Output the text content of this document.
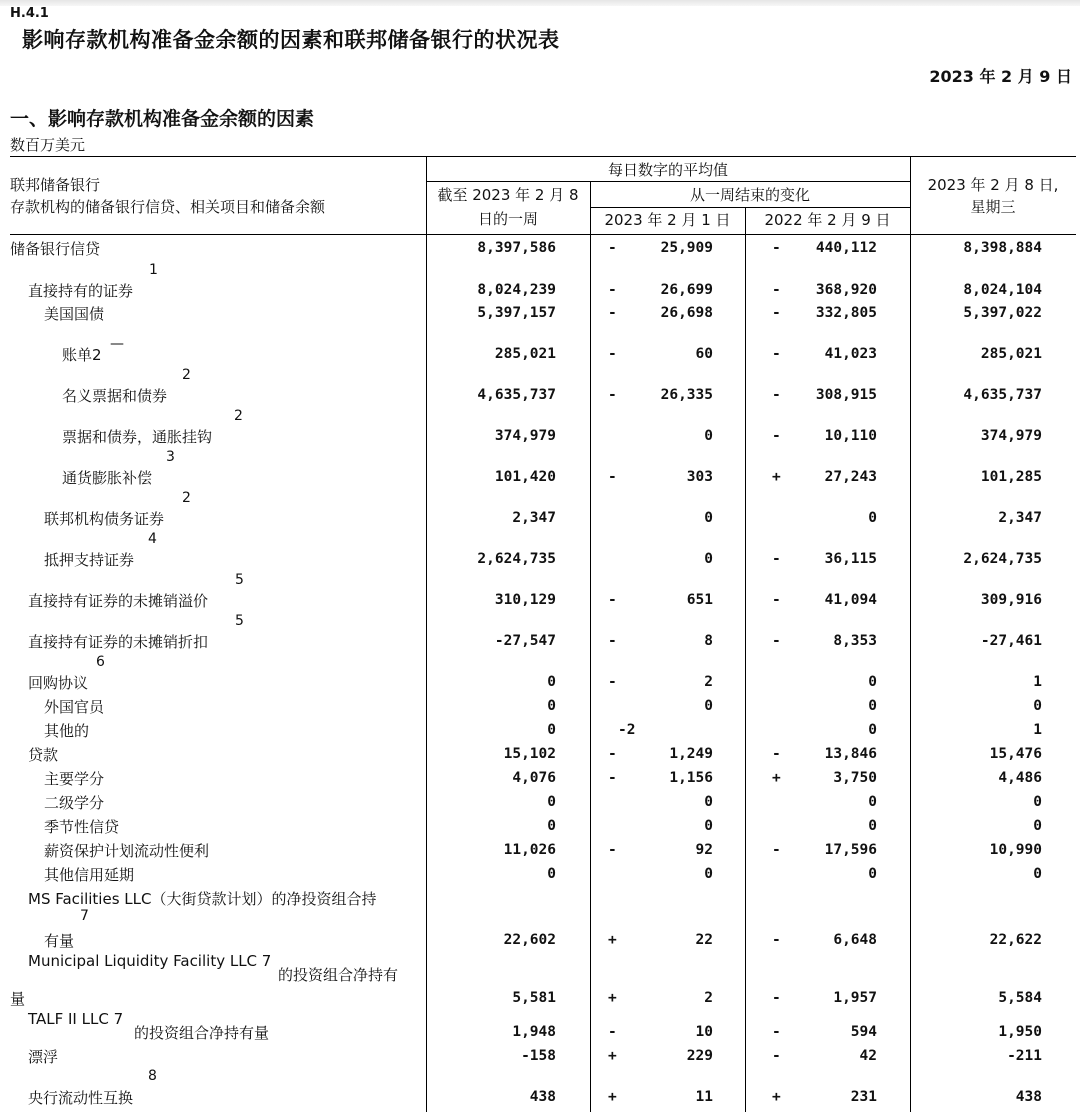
H.4.1
影响存款机构准备金余额的因素和联邦储备银行的状况表
2023 年 2 月 9 日
一、影响存款机构准备金余额的因素
数百万美元
联邦储备银行
存款机构的储备银行信贷、相关项目和储备余额
每日数字的平均值
截至 2023 年 2 月 8
日的一周
从一周结束的变化
2023 年 2 月 1 日	2022 年 2 月 9 日
2023 年 2 月 8 日,
星期三
储备银行信贷	8,397,586	-	25,909	-	440,112	8,398,884
1
直接持有的证券	8,024,239	-	26,699	-	368,920	8,024,104
美国国债	5,397,157	-	26,698	-	332,805	5,397,022
—
账单2	285,021	-	60	-	41,023	285,021
2
名义票据和债券	4,635,737	-	26,335	-	308,915	4,635,737
2
票据和债券，通胀挂钩	374,979	0	-	10,110	374,979
3
通货膨胀补偿	101,420	-	303	+	27,243	101,285
2
联邦机构债务证券	2,347	0	0	2,347
4
抵押支持证券	2,624,735	0	-	36,115	2,624,735
5
直接持有证券的未摊销溢价	310,129	-	651	-	41,094	309,916
5
直接持有证券的未摊销折扣	-27,547	-	8	-	8,353	-27,461
6
回购协议	0	-	2	0	1
外国官员	0	0	0	0
其他的	0	-2	0	1
贷款	15,102	-	1,249	-	13,846	15,476
主要学分	4,076	-	1,156	+	3,750	4,486
二级学分	0	0	0	0
季节性信贷	0	0	0	0
薪资保护计划流动性便利	11,026	-	92	-	17,596	10,990
其他信用延期	0	0	0	0
MS Facilities LLC（大街贷款计划）的净投资组合持
7
有量	22,602	+	22	-	6,648	22,622
Municipal Liquidity Facility LLC 7
的投资组合净持有
量	5,581	+	2	-	1,957	5,584
TALF II LLC 7
的投资组合净持有量	1,948	-	10	-	594	1,950
漂浮	-158	+	229	-	42	-211
8
央行流动性互换	438	+	11	+	231	438
